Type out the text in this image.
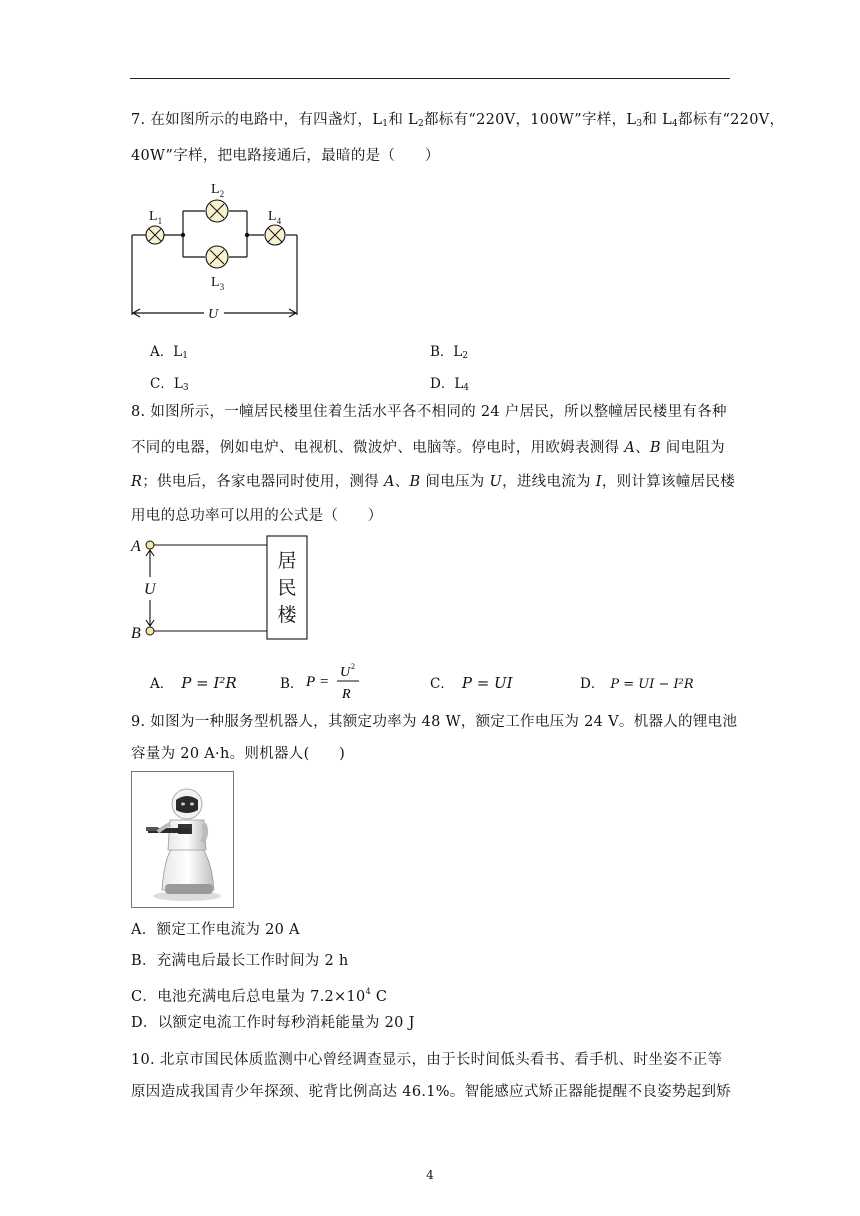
7. 在如图所示的电路中，有四盏灯，$L_1$和 $L_2$都标有“220V，100W”字样，$L_3$和 $L_4$都标有“220V，
40W”字样，把电路接通后，最暗的是（　　）
$L_1$
$L_2$
$L_3$
$L_4$
U
A．$L_1$	B．$L_2$
C．$L_3$	D．$L_4$
8. 如图所示，一幢居民楼里住着生活水平各不相同的 24 户居民，所以整幢居民楼里有各种
不同的电器，例如电炉、电视机、微波炉、电脑等。停电时，用欧姆表测得 A、B 间电阻为
R；供电后，各家电器同时使用，测得 A、B 间电压为 U，进线电流为 I，则计算该幢居民楼
用电的总功率可以用的公式是（　　）
A
B
U
居
民
楼
A． P = I²R	B． P =
U 2
R
C． P = UI	D． P = UI − I²R
9. 如图为一种服务型机器人，其额定功率为 48 W，额定工作电压为 24 V。机器人的锂电池
容量为 20 A·h。则机器人(　　)
A．额定工作电流为 20 A
B．充满电后最长工作时间为 2 h
C．电池充满电后总电量为 $7.2\times 10^4$ C
D．以额定电流工作时每秒消耗能量为 20 J
10. 北京市国民体质监测中心曾经调查显示，由于长时间低头看书、看手机、时坐姿不正等
原因造成我国青少年探颈、驼背比例高达 46.1%。智能感应式矫正器能提醒不良姿势起到矫
4
